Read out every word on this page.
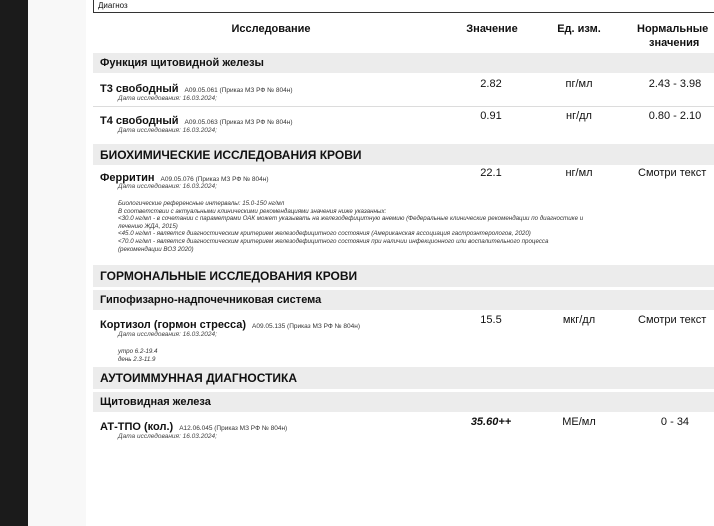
Диагноз
Исследование	Значение	Ед. изм.	Нормальные
значения
Функция щитовидной железы
Т3 свободный A09.05.061 (Приказ МЗ РФ № 804н)
Дата исследования: 16.03.2024;
2.82	пг/мл	2.43 - 3.98
Т4 свободный A09.05.063 (Приказ МЗ РФ № 804н)
Дата исследования: 16.03.2024;
0.91	нг/дл	0.80 - 2.10
БИОХИМИЧЕСКИЕ ИССЛЕДОВАНИЯ КРОВИ
Ферритин A09.05.076 (Приказ МЗ РФ № 804н)
Дата исследования: 16.03.2024;
22.1	нг/мл	Смотри текст
Биологические референсные интервалы: 15.0-150 нг/мл
В соответствии с актуальными клиническими рекомендациями значения ниже указанных:
<30.0 нг/мл - в сочетании с параметрами ОАК может указывать на железодефицитную анемию (Федеральные клинические рекомендации по диагностике и
лечению ЖДА, 2015)
<45.0 нг/мл - является диагностическим критерием железодефицитного состояния (Американская ассоциация гастроэнтерологов, 2020)
<70.0 нг/мл - является диагностическим критерием железодефицитного состояния при наличии инфекционного или воспалительного процесса
(рекомендации ВОЗ 2020)
ГОРМОНАЛЬНЫЕ ИССЛЕДОВАНИЯ КРОВИ
Гипофизарно-надпочечниковая система
Кортизол (гормон стресса) A09.05.135 (Приказ МЗ РФ № 804н)
Дата исследования: 16.03.2024;
15.5	мкг/дл	Смотри текст
утро 6.2-19.4
день 2.3-11.9
АУТОИММУННАЯ ДИАГНОСТИКА
Щитовидная железа
АТ-ТПО (кол.) A12.06.045 (Приказ МЗ РФ № 804н)
Дата исследования: 16.03.2024;
35.60++	МЕ/мл	0 - 34
